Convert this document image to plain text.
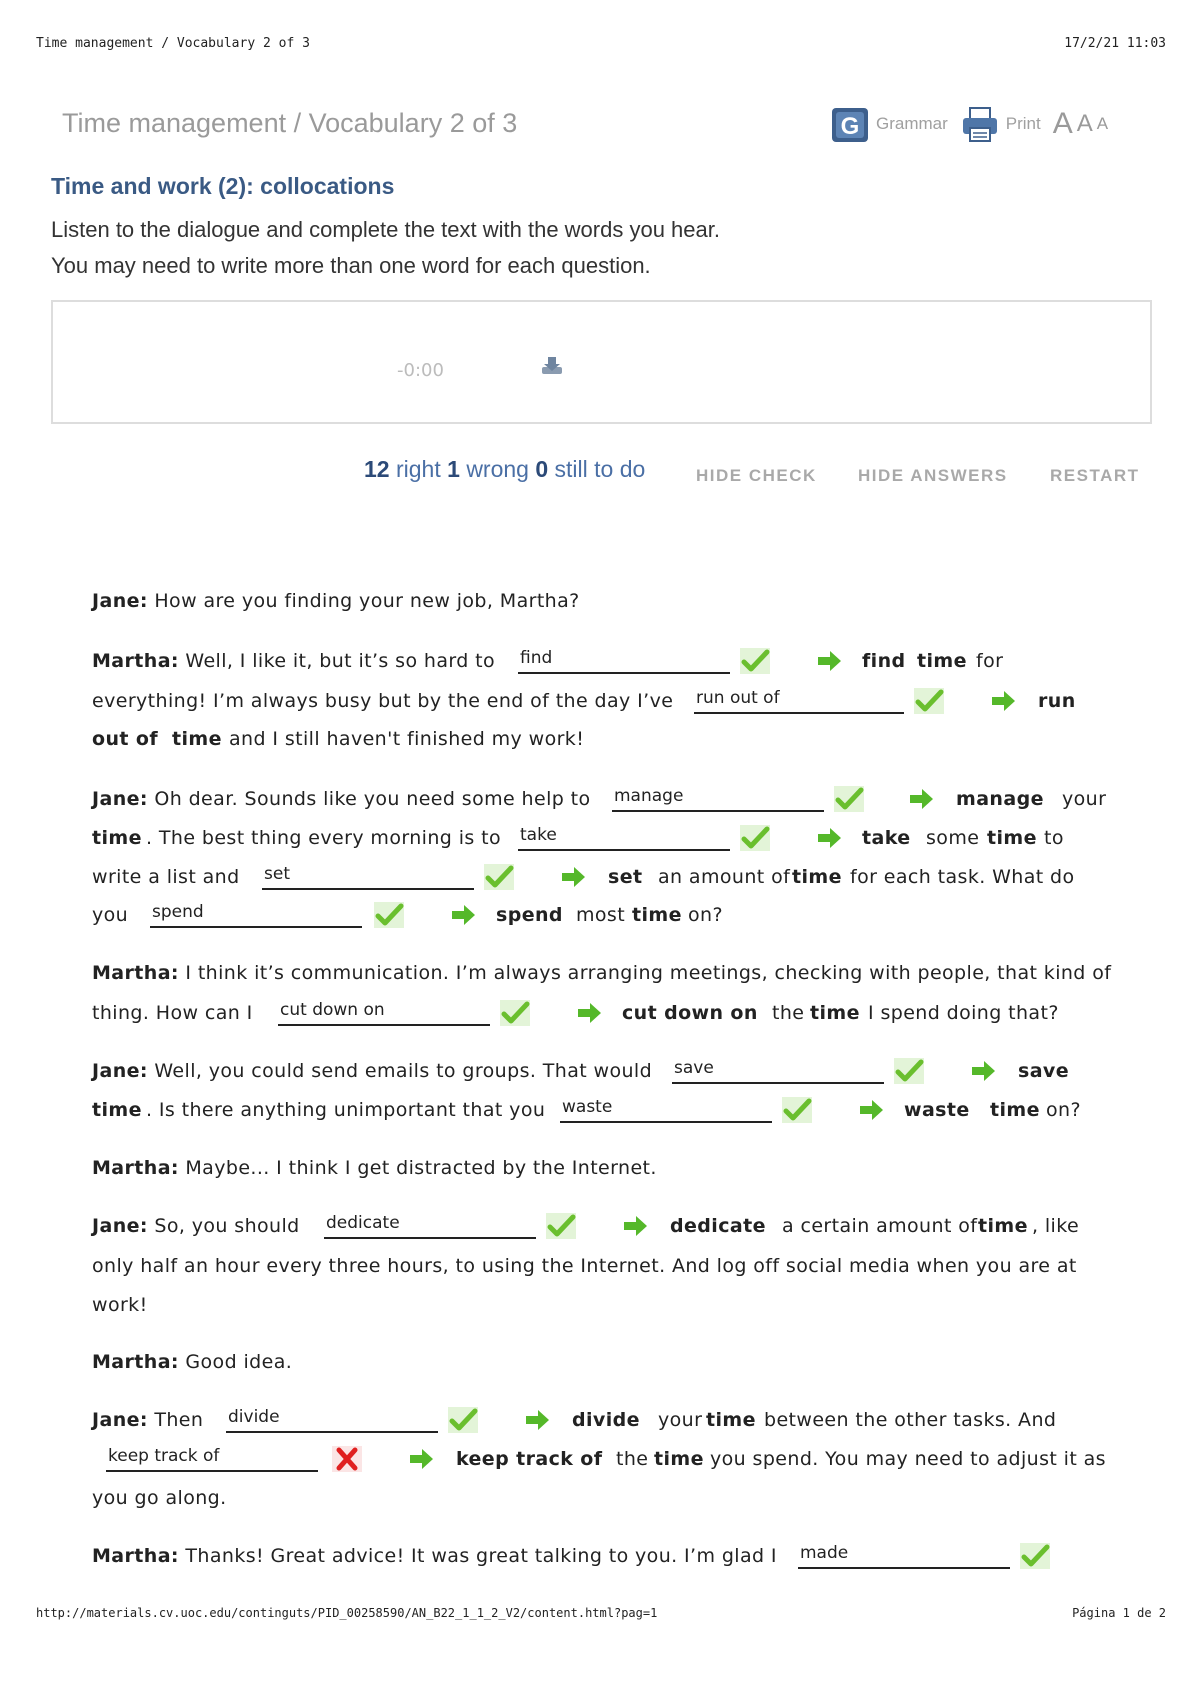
Time management / Vocabulary 2 of 3	17/2/21 11:03
Time management / Vocabulary 2 of 3	G Grammar	Print A A A
Time and work (2): collocations
Listen to the dialogue and complete the text with the words you hear.
You may need to write more than one word for each question.
-0:00
12 right 1 wrong 0 still to do	HIDE CHECK HIDE ANSWERS RESTART
Jane: How are you finding your new job, Martha?
Martha: Well, I like it, but it’s so hard to
find	find time for
everything! I’m always busy but by the end of the day I’ve
run out of	run
out of time and I still haven't finished my work!
Jane: Oh dear. Sounds like you need some help to
manage	manage your
time . The best thing every morning is to
take	take some time to
write a list and
set	set an amount of time for each task. What do
you
spend	spend most time on?
Martha: I think it’s communication. I’m always arranging meetings, checking with people, that kind of
thing. How can I
cut down on	cut down on the time I spend doing that?
Jane: Well, you could send emails to groups. That would
save	save
time . Is there anything unimportant that you
waste	waste time on?
Martha: Maybe... I think I get distracted by the Internet.
Jane: So, you should
dedicate	dedicate a certain amount of time , like
only half an hour every three hours, to using the Internet. And log off social media when you are at
work!
Martha: Good idea.
Jane: Then
divide	divide your time between the other tasks. And
keep track of
keep track of the time you spend. You may need to adjust it as
you go along.
Martha: Thanks! Great advice! It was great talking to you. I’m glad I
made
http://materials.cv.uoc.edu/continguts/PID_00258590/AN_B22_1_1_2_V2/content.html?pag=1	Página 1 de 2
